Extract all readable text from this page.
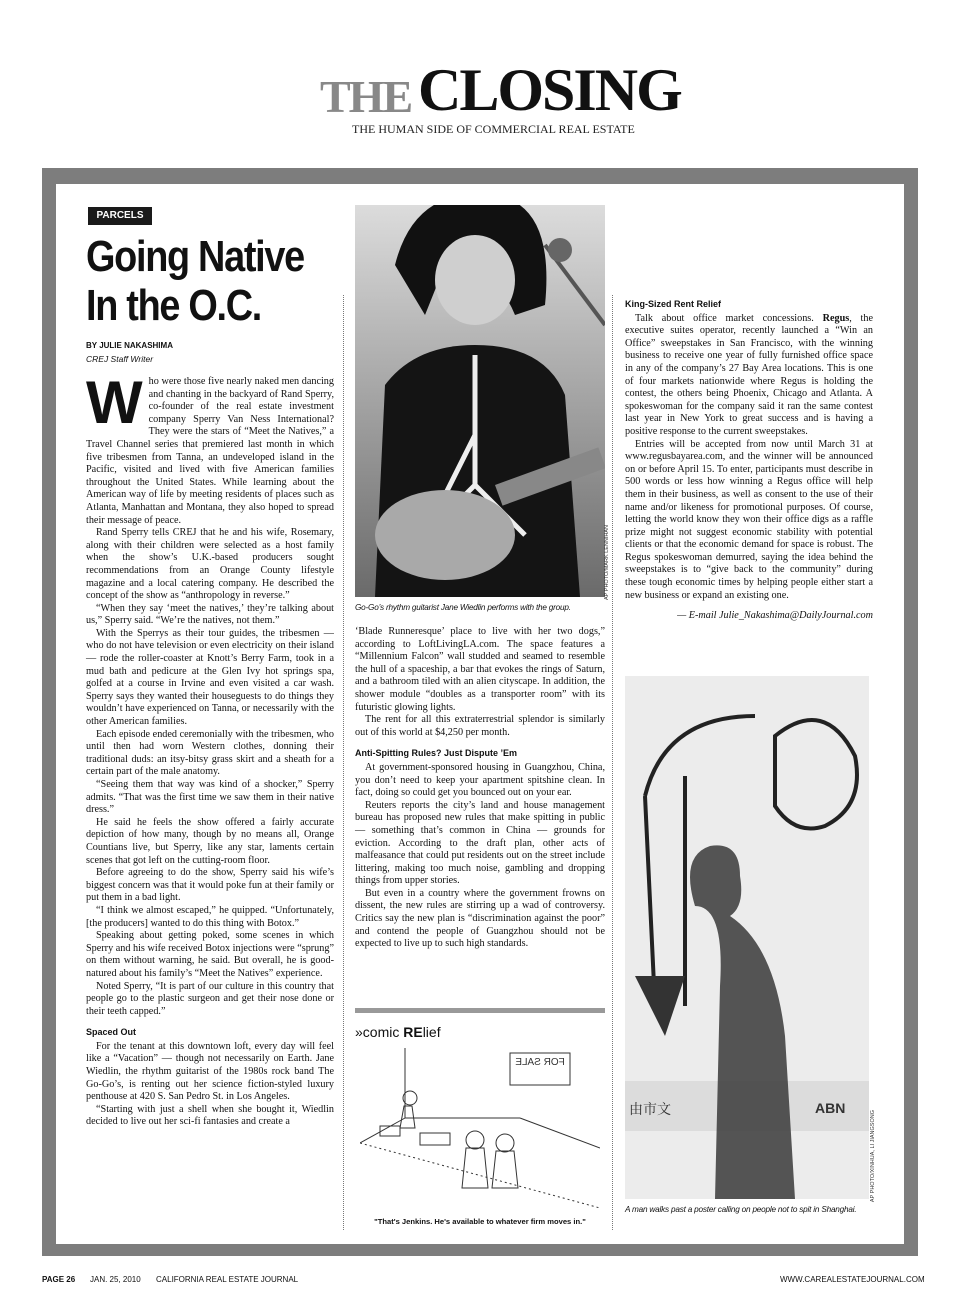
THE CLOSING
THE HUMAN SIDE OF COMMERCIAL REAL ESTATE
PARCELS
Going Native
In the O.C.
BY JULIE NAKASHIMA
CREJ Staff Writer

Who were those five nearly naked men dancing and chanting in the backyard of Rand Sperry, co-founder of the real estate investment company Sperry Van Ness International? They were the stars of “Meet the Natives,” a Travel Channel series that premiered last month in which five tribesmen from Tanna, an undeveloped island in the Pacific, visited and lived with five American families throughout the United States. While learning about the American way of life by meeting residents of places such as Atlanta, Manhattan and Montana, they also hoped to spread their message of peace.

Rand Sperry tells CREJ that he and his wife, Rosemary, along with their children were selected as a host family when the show’s U.K.-based producers sought recommendations from an Orange County lifestyle magazine and a local catering company. He described the concept of the show as “anthropology in reverse.”

“When they say ‘meet the natives,’ they’re talking about us,” Sperry said. “We’re the natives, not them.”

With the Sperrys as their tour guides, the tribesmen — who do not have television or even electricity on their island — rode the roller-coaster at Knott’s Berry Farm, took in a mud bath and pedicure at the Glen Ivy hot springs spa, golfed at a course in Irvine and even visited a car wash. Sperry says they wanted their houseguests to do things they wouldn’t have experienced on Tanna, or necessarily with the other American families.

Each episode ended ceremonially with the tribesmen, who until then had worn Western clothes, donning their traditional duds: an itsy-bitsy grass skirt and a sheath for a certain part of the male anatomy.

“Seeing them that way was kind of a shocker,” Sperry admits. “That was the first time we saw them in their native dress.”

He said he feels the show offered a fairly accurate depiction of how many, though by no means all, Orange Countians live, but Sperry, like any star, laments certain scenes that got left on the cutting-room floor.

Before agreeing to do the show, Sperry said his wife’s biggest concern was that it would poke fun at their family or put them in a bad light.

“I think we almost escaped,” he quipped. “Unfortunately, [the producers] wanted to do this thing with Botox.”

Speaking about getting poked, some scenes in which Sperry and his wife received Botox injections were “sprung” on them without warning, he said. But overall, he is good-natured about his family’s “Meet the Natives” experience.

Noted Sperry, “It is part of our culture in this country that people go to the plastic surgeon and get their nose done or their teeth capped.”

Spaced Out

For the tenant at this downtown loft, every day will feel like a “Vacation” — though not necessarily on Earth. Jane Wiedlin, the rhythm guitarist of the 1980s rock band The Go-Go’s, is renting out her science fiction-styled luxury penthouse at 420 S. San Pedro St. in Los Angeles.

“Starting with just a shell when she bought it, Wiedlin decided to live out her sci-fi fantasies and create a

AP PHOTO/MARK LENNIHAN
Go-Go’s rhythm guitarist Jane Wiedlin performs with the group.

‘Blade Runneresque’ place to live with her two dogs,” according to LoftLivingLA.com. The space features a “Millennium Falcon” wall studded and seamed to resemble the hull of a spaceship, a bar that evokes the rings of Saturn, and a bathroom tiled with an alien cityscape. In addition, the shower module “doubles as a transporter room” with its futuristic glowing lights.

The rent for all this extraterrestrial splendor is similarly out of this world at $4,250 per month.

Anti-Spitting Rules? Just Dispute ’Em

At government-sponsored housing in Guangzhou, China, you don’t need to keep your apartment spitshine clean. In fact, doing so could get you bounced out on your ear.

Reuters reports the city’s land and house management bureau has proposed new rules that make spitting in public — something that’s common in China — grounds for eviction. According to the draft plan, other acts of malfeasance that could put residents out on the street include littering, making too much noise, gambling and dropping things from upper stories.

But even in a country where the government frowns on dissent, the new rules are stirring up a wad of controversy. Critics say the new plan is “discrimination against the poor” and contend the people of Guangzhou should not be expected to live up to such high standards.

»comic RElief
FOR SALE
"That's Jenkins. He's available to whatever firm moves in."
King-Sized Rent Relief

Talk about office market concessions. Regus, the executive suites operator, recently launched a “Win an Office” sweepstakes in San Francisco, with the winning business to receive one year of fully furnished office space in any of the company’s 27 Bay Area locations. This is one of four markets nationwide where Regus is holding the contest, the others being Phoenix, Chicago and Atlanta. A spokeswoman for the company said it ran the same contest last year in New York to great success and is having a positive response to the current sweepstakes.

Entries will be accepted from now until March 31 at www.regusbayarea.com, and the winner will be announced on or before April 15. To enter, participants must describe in 500 words or less how winning a Regus office will help them in their business, as well as consent to the use of their name and/or likeness for promotional purposes. Of course, letting the world know they won their office digs as a raffle prize might not suggest economic stability with potential clients or that the economic demand for space is robust. The Regus spokeswoman demurred, saying the idea behind the sweepstakes is to “give back to the community” during these tough economic times by helping people either start a new business or expand an existing one.

— E-mail Julie_Nakashima@DailyJournal.com

由市文	ABN
AP PHOTO/XINHUA, LI JIANGSONG
A man walks past a poster calling on people not to spit in Shanghai.
PAGE 26 JAN. 25, 2010 CALIFORNIA REAL ESTATE JOURNAL	WWW.CAREALESTATEJOURNAL.COM
